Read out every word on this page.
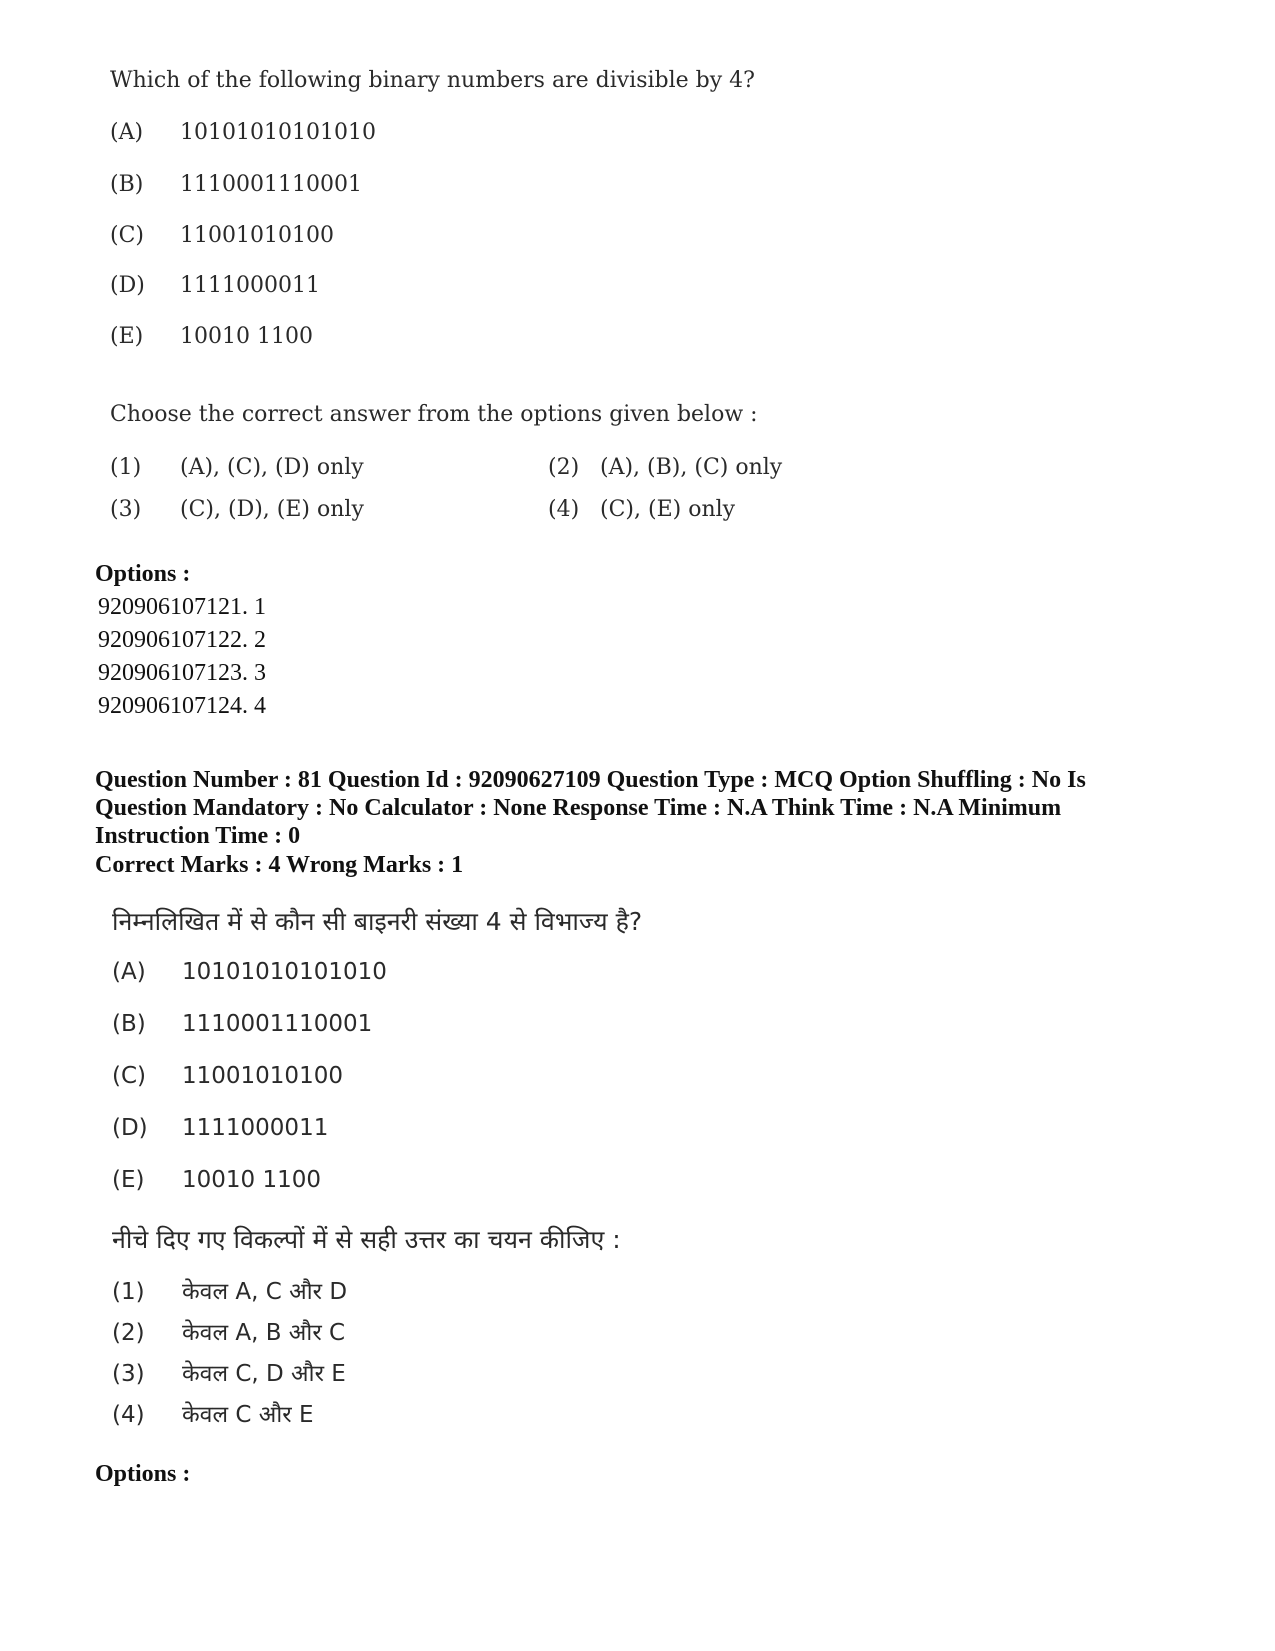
Which of the following binary numbers are divisible by 4?
(A) 10101010101010
(B) 1110001110001
(C) 11001010100
(D) 1111000011
(E) 10010 1100
Choose the correct answer from the options given below :
(1) (A), (C), (D) only	(2) (A), (B), (C) only
(3) (C), (D), (E) only	(4) (C), (E) only
Options :
920906107121. 1
920906107122. 2
920906107123. 3
920906107124. 4
Question Number : 81 Question Id : 92090627109 Question Type : MCQ Option Shuffling : No Is
Question Mandatory : No Calculator : None Response Time : N.A Think Time : N.A Minimum
Instruction Time : 0
Correct Marks : 4 Wrong Marks : 1
निम्नलिखित में से कौन सी बाइनरी संख्या 4 से विभाज्य है?
(A) 10101010101010
(B) 1110001110001
(C) 11001010100
(D) 1111000011
(E) 10010 1100
नीचे दिए गए विकल्पों में से सही उत्तर का चयन कीजिए :
(1) केवल A, C और D
(2) केवल A, B और C
(3) केवल C, D और E
(4) केवल C और E
Options :
